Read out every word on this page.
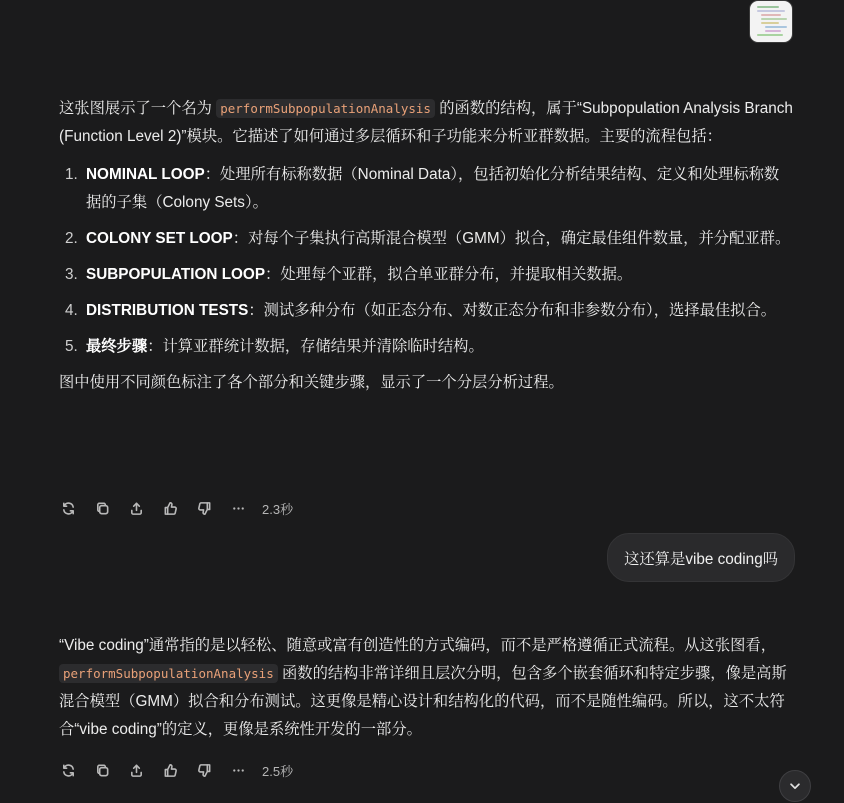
这张图展示了一个名为 performSubpopulationAnalysis 的函数的结构，属于“Subpopulation Analysis Branch (Function Level 2)”模块。它描述了如何通过多层循环和子功能来分析亚群数据。主要的流程包括：

1. NOMINAL LOOP：处理所有标称数据（Nominal Data），包括初始化分析结果结构、定义和处理标称数据的子集（Colony Sets）。
2. COLONY SET LOOP：对每个子集执行高斯混合模型（GMM）拟合，确定最佳组件数量，并分配亚群。
3. SUBPOPULATION LOOP：处理每个亚群，拟合单亚群分布，并提取相关数据。
4. DISTRIBUTION TESTS：测试多种分布（如正态分布、对数正态分布和非参数分布），选择最佳拟合。
5. 最终步骤：计算亚群统计数据，存储结果并清除临时结构。

图中使用不同颜色标注了各个部分和关键步骤，显示了一个分层分析过程。

2.3秒
这还算是vibe coding吗

“Vibe coding”通常指的是以轻松、随意或富有创造性的方式编码，而不是严格遵循正式流程。从这张图看，performSubpopulationAnalysis 函数的结构非常详细且层次分明，包含多个嵌套循环和特定步骤，像是高斯混合模型（GMM）拟合和分布测试。这更像是精心设计和结构化的代码，而不是随性编码。所以，这不太符合“vibe coding”的定义，更像是系统性开发的一部分。

2.5秒
